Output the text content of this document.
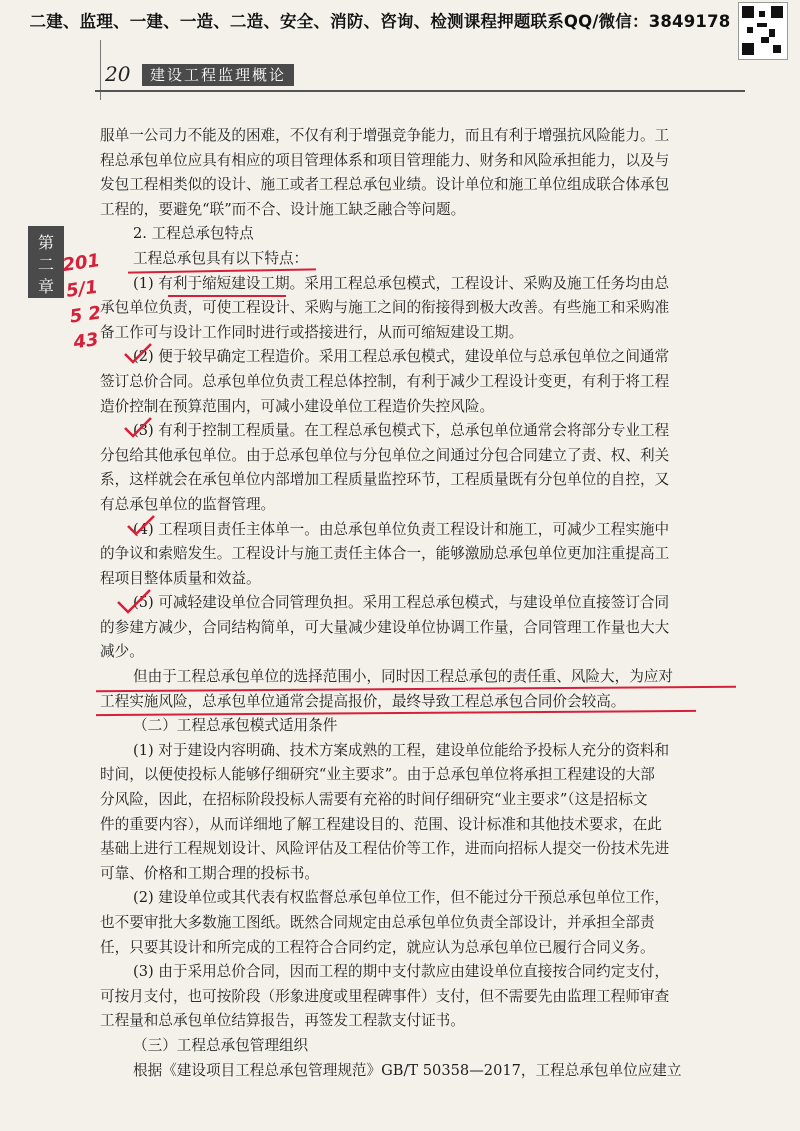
二建、监理、一建、一造、二造、安全、消防、咨询、检测课程押题联系QQ/微信：3849178
20	建设工程监理概论
第二章
服单一公司力不能及的困难，不仅有利于增强竞争能力，而且有利于增强抗风险能力。工
程总承包单位应具有相应的项目管理体系和项目管理能力、财务和风险承担能力，以及与
发包工程相类似的设计、施工或者工程总承包业绩。设计单位和施工单位组成联合体承包
工程的，要避免“联”而不合、设计施工缺乏融合等问题。
2. 工程总承包特点
工程总承包具有以下特点：
(1) 有利于缩短建设工期。采用工程总承包模式，工程设计、采购及施工任务均由总
承包单位负责，可使工程设计、采购与施工之间的衔接得到极大改善。有些施工和采购准
备工作可与设计工作同时进行或搭接进行，从而可缩短建设工期。
(2) 便于较早确定工程造价。采用工程总承包模式，建设单位与总承包单位之间通常
签订总价合同。总承包单位负责工程总体控制，有利于减少工程设计变更，有利于将工程
造价控制在预算范围内，可减小建设单位工程造价失控风险。
(3) 有利于控制工程质量。在工程总承包模式下，总承包单位通常会将部分专业工程
分包给其他承包单位。由于总承包单位与分包单位之间通过分包合同建立了责、权、利关
系，这样就会在承包单位内部增加工程质量监控环节，工程质量既有分包单位的自控，又
有总承包单位的监督管理。
(4) 工程项目责任主体单一。由总承包单位负责工程设计和施工，可减少工程实施中
的争议和索赔发生。工程设计与施工责任主体合一，能够激励总承包单位更加注重提高工
程项目整体质量和效益。
(5) 可减轻建设单位合同管理负担。采用工程总承包模式，与建设单位直接签订合同
的参建方减少，合同结构简单，可大量减少建设单位协调工作量，合同管理工作量也大大
减少。
但由于工程总承包单位的选择范围小，同时因工程总承包的责任重、风险大，为应对
工程实施风险，总承包单位通常会提高报价，最终导致工程总承包合同价会较高。
（二）工程总承包模式适用条件
(1) 对于建设内容明确、技术方案成熟的工程，建设单位能给予投标人充分的资料和
时间，以便使投标人能够仔细研究“业主要求”。由于总承包单位将承担工程建设的大部
分风险，因此，在招标阶段投标人需要有充裕的时间仔细研究“业主要求”（这是招标文
件的重要内容），从而详细地了解工程建设目的、范围、设计标准和其他技术要求，在此
基础上进行工程规划设计、风险评估及工程估价等工作，进而向招标人提交一份技术先进
可靠、价格和工期合理的投标书。
(2) 建设单位或其代表有权监督总承包单位工作，但不能过分干预总承包单位工作，
也不要审批大多数施工图纸。既然合同规定由总承包单位负责全部设计，并承担全部责
任，只要其设计和所完成的工程符合合同约定，就应认为总承包单位已履行合同义务。
(3) 由于采用总价合同，因而工程的期中支付款应由建设单位直接按合同约定支付，
可按月支付，也可按阶段（形象进度或里程碑事件）支付，但不需要先由监理工程师审查
工程量和总承包单位结算报告，再签发工程款支付证书。
（三）工程总承包管理组织
根据《建设项目工程总承包管理规范》GB/T 50358—2017，工程总承包单位应建立
2015/15 243
